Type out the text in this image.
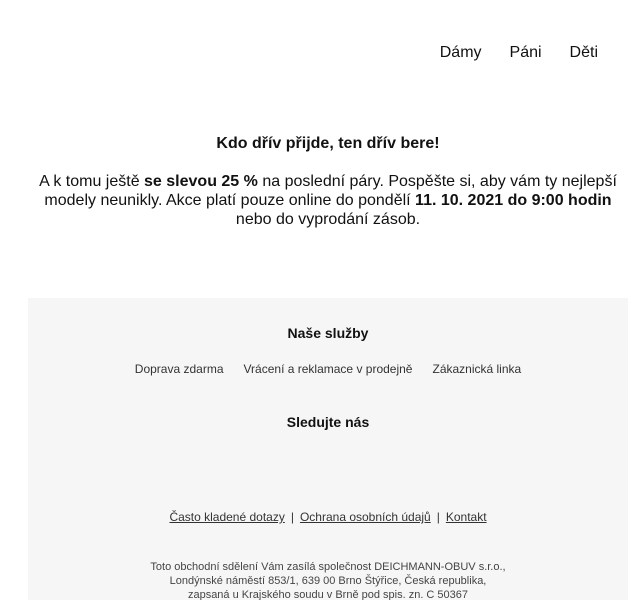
Dámy Páni Děti
Kdo dřív přijde, ten dřív bere!

A k tomu ještě se slevou 25 % na poslední páry. Pospěšte si, aby vám ty nejlepší modely neunikly. Akce platí pouze online do pondělí 11. 10. 2021 do 9:00 hodin nebo do vyprodání zásob.

Naše služby
Doprava zdarma Vrácení a reklamace v prodejně Zákaznická linka
Sledujte nás
Často kladené dotazy | Ochrana osobních údajů | Kontakt
Toto obchodní sdělení Vám zasílá společnost DEICHMANN-OBUV s.r.o.,
Londýnské náměstí 853/1, 639 00 Brno Štýřice, Česká republika,
zapsaná u Krajského soudu v Brně pod spis. zn. C 50367
